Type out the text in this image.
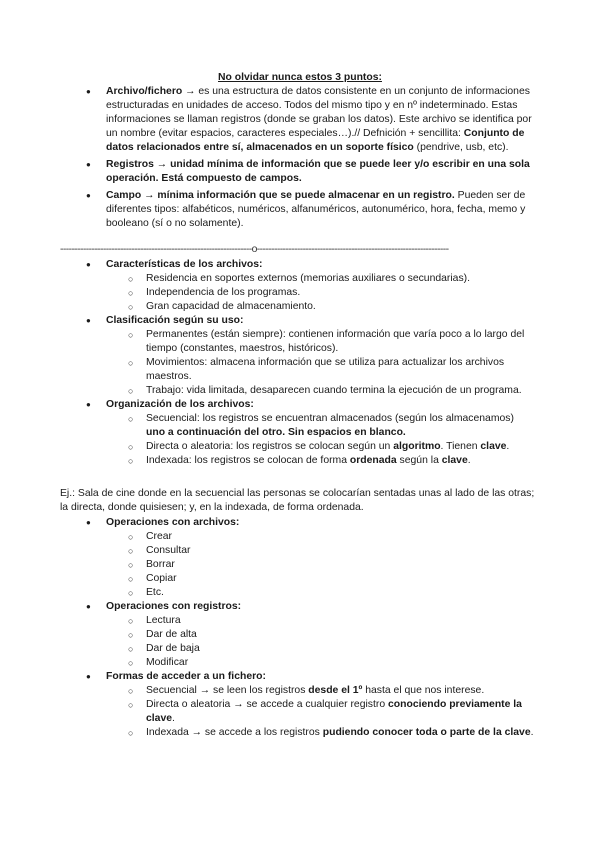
No olvidar nunca estos 3 puntos:
● Archivo/fichero → es una estructura de datos consistente en un conjunto de informaciones estructuradas en unidades de acceso. Todos del mismo tipo y en nº indeterminado. Estas informaciones se llaman registros (donde se graban los datos). Este archivo se identifica por un nombre (evitar espacios, caracteres especiales…).// Defnición + sencillita: Conjunto de datos relacionados entre sí, almacenados en un soporte físico (pendrive, usb, etc).
● Registros → unidad mínima de información que se puede leer y/o escribir en una sola operación. Está compuesto de campos.
● Campo → mínima información que se puede almacenar en un registro. Pueden ser de diferentes tipos: alfabéticos, numéricos, alfanuméricos, autonumérico, hora, fecha, memo y booleano (sí o no solamente).
-------------------------------------------------------------------o-------------------------------------------------------------------
● Características de los archivos:
○ Residencia en soportes externos (memorias auxiliares o secundarias).
○ Independencia de los programas.
○ Gran capacidad de almacenamiento.
● Clasificación según su uso:
○ Permanentes (están siempre): contienen información que varía poco a lo largo del tiempo (constantes, maestros, históricos).
○ Movimientos: almacena información que se utiliza para actualizar los archivos maestros.
○ Trabajo: vida limitada, desaparecen cuando termina la ejecución de un programa.
● Organización de los archivos:
○ Secuencial: los registros se encuentran almacenados (según los almacenamos) uno a continuación del otro. Sin espacios en blanco.
○ Directa o aleatoria: los registros se colocan según un algoritmo. Tienen clave.
○ Indexada: los registros se colocan de forma ordenada según la clave.
Ej.: Sala de cine donde en la secuencial las personas se colocarían sentadas unas al lado de las otras; la directa, donde quisiesen; y, en la indexada, de forma ordenada.
● Operaciones con archivos:
○ Crear
○ Consultar
○ Borrar
○ Copiar
○ Etc.
● Operaciones con registros:
○ Lectura
○ Dar de alta
○ Dar de baja
○ Modificar
● Formas de acceder a un fichero:
○ Secuencial → se leen los registros desde el 1º hasta el que nos interese.
○ Directa o aleatoria → se accede a cualquier registro conociendo previamente la clave.
○ Indexada → se accede a los registros pudiendo conocer toda o parte de la clave.
